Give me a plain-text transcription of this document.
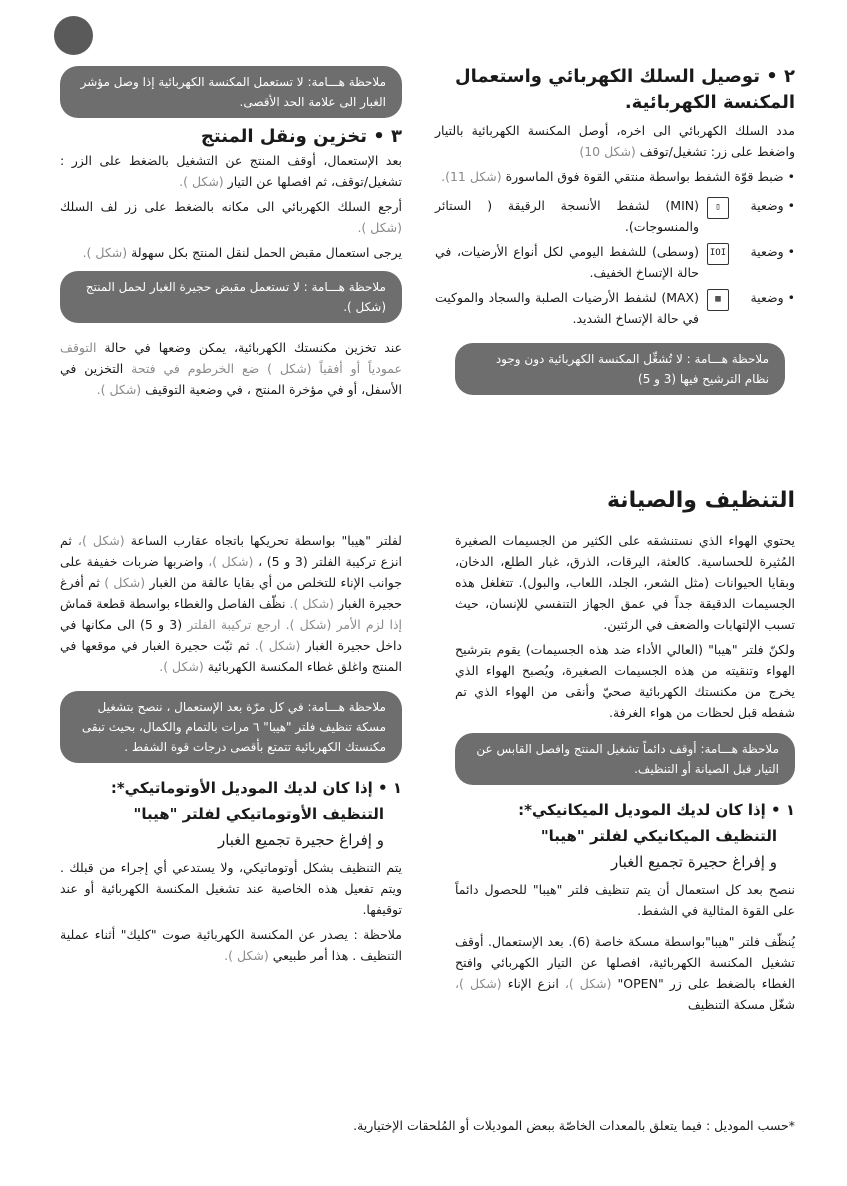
٢ • توصيل السلك الكهربائي واستعمال
المكنسة الكهربائية.

مدد السلك الكهربائي الى اخره، أوصل المكنسة الكهربائية بالتيار واضغط على زر: تشغيل/توقف (شكل 10)

• ضبط قوّة الشفط بواسطة منتقي القوة فوق الماسورة (شكل 11).

• وضعية
▯
(MIN) لشفط الأنسجة الرقيقة ( الستائر والمنسوجات).
• وضعية
IOI
(وسطى) للشفط اليومي لكل أنواع الأرضيات، في حالة الإتساخ الخفيف.
• وضعية
▦
(MAX) لشفط الأرضيات الصلبة والسجاد والموكيت في حالة الإتساخ الشديد.
ملاحظة هـــامة : لا تُشغِّل المكنسة الكهربائية دون وجود نظام الترشيح فيها (3 و 5)
ملاحظة هـــامة: لا تستعمل المكنسة الكهربائية إذا وصل مؤشر الغبار الى علامة الحد الأقصى.
٣ • تخزين ونقل المنتج

بعد الإستعمال، أوقف المنتج عن التشغيل بالضغط على الزر : تشغيل/توقف، ثم افصلها عن التيار (شكل ).

أرجع السلك الكهربائي الى مكانه بالضغط على زر لف السلك (شكل ).

يرجى استعمال مقبض الحمل لنقل المنتج بكل سهولة (شكل ).

ملاحظة هـــامة : لا تستعمل مقبض حجيرة الغبار لحمل المنتج (شكل ).

عند تخزين مكنستك الكهربائية، يمكن وضعها في حالة التوقف عمودياً أو أفقياً (شكل ) ضع الخرطوم في فتحة التخزين في الأسفل، أو في مؤخرة المنتج ، في وضعية التوقيف (شكل ).

التنظيف والصيانة

يحتوي الهواء الذي نستنشقه على الكثير من الجسيمات الصغيرة المُثيرة للحساسية. كالعثة، اليرقات، الذرق، غبار الطلع، الدخان، وبقايا الحيوانات (مثل الشعر، الجلد، اللعاب، والبول). تتغلغل هذه الجسيمات الدقيقة جداً في عمق الجهاز التنفسي للإنسان، حيث تسبب الإلتهابات والضعف في الرئتين.

ولكنّ فلتر "هيبا" (العالي الأداء ضد هذه الجسيمات) يقوم بترشيح الهواء وتنقيته من هذه الجسيمات الصغيرة، ويُصبح الهواء الذي يخرج من مكنستك الكهربائية صحيّ وأنقى من الهواء الذي تم شفطه قبل لحظات من هواء الغرفة.

ملاحظة هـــامة: أوقف دائماً تشغيل المنتج وافصل القابس عن التيار قبل الصيانة أو التنظيف.

١ • إذا كان لديك الموديل الميكانيكي*:

التنظيف الميكانيكي لفلتر "هيبا"

و إفراغ حجيرة تجميع الغبار

ننصح بعد كل استعمال أن يتم تنظيف فلتر "هيبا" للحصول دائماً على القوة المثالية في الشفط.

يُنظّف فلتر "هيبا"بواسطة مسكة خاصة (6). بعد الإستعمال. أوقف تشغيل المكنسة الكهربائية، افصلها عن التيار الكهربائي وافتح الغطاء بالضغط على زر "OPEN" (شكل )، انزع الإناء (شكل )، شغّل مسكة التنظيف

لفلتر "هيبا" بواسطة تحريكها باتجاه عقارب الساعة (شكل )، ثم انزع تركيبة الفلتر (3 و 5) ، (شكل )، واضربها ضربات خفيفة على جوانب الإناء للتخلص من أي بقايا عالقة من الغبار (شكل ) ثم أفرغ حجيرة الغبار (شكل ). نظّف الفاصل والغطاء بواسطة قطعة قماش إذا لزم الأمر (شكل ). ارجع تركيبة الفلتر (3 و 5) الى مكانها في داخل حجيرة الغبار (شكل ). ثم ثبّت حجيرة الغبار في موقعها في المنتج واغلق غطاء المكنسة الكهربائية (شكل ).

ملاحظة هـــامة: في كل مرّة بعد الإستعمال ، ننصح بتشغيل مسكة تنظيف فلتر "هيبا" ٦ مرات بالتمام والكمال، بحيث تبقى مكنستك الكهربائية تتمتع بأقصى درجات قوة الشفط .

١ • إذا كان لديك الموديل الأوتوماتيكي*:

التنظيف الأوتوماتيكي لفلتر "هيبا"

و إفراغ حجيرة تجميع الغبار

يتم التنظيف بشكل أوتوماتيكي، ولا يستدعي أي إجراء من قبلك . ويتم تفعيل هذه الخاصية عند تشغيل المكنسة الكهربائية أو عند توقيفها.

ملاحظة : يصدر عن المكنسة الكهربائية صوت "كليك" أثناء عملية التنظيف . هذا أمر طبيعي (شكل ).

*حسب الموديل : فيما يتعلق بالمعدات الخاصّة ببعض الموديلات أو المُلحقات الإختيارية.
